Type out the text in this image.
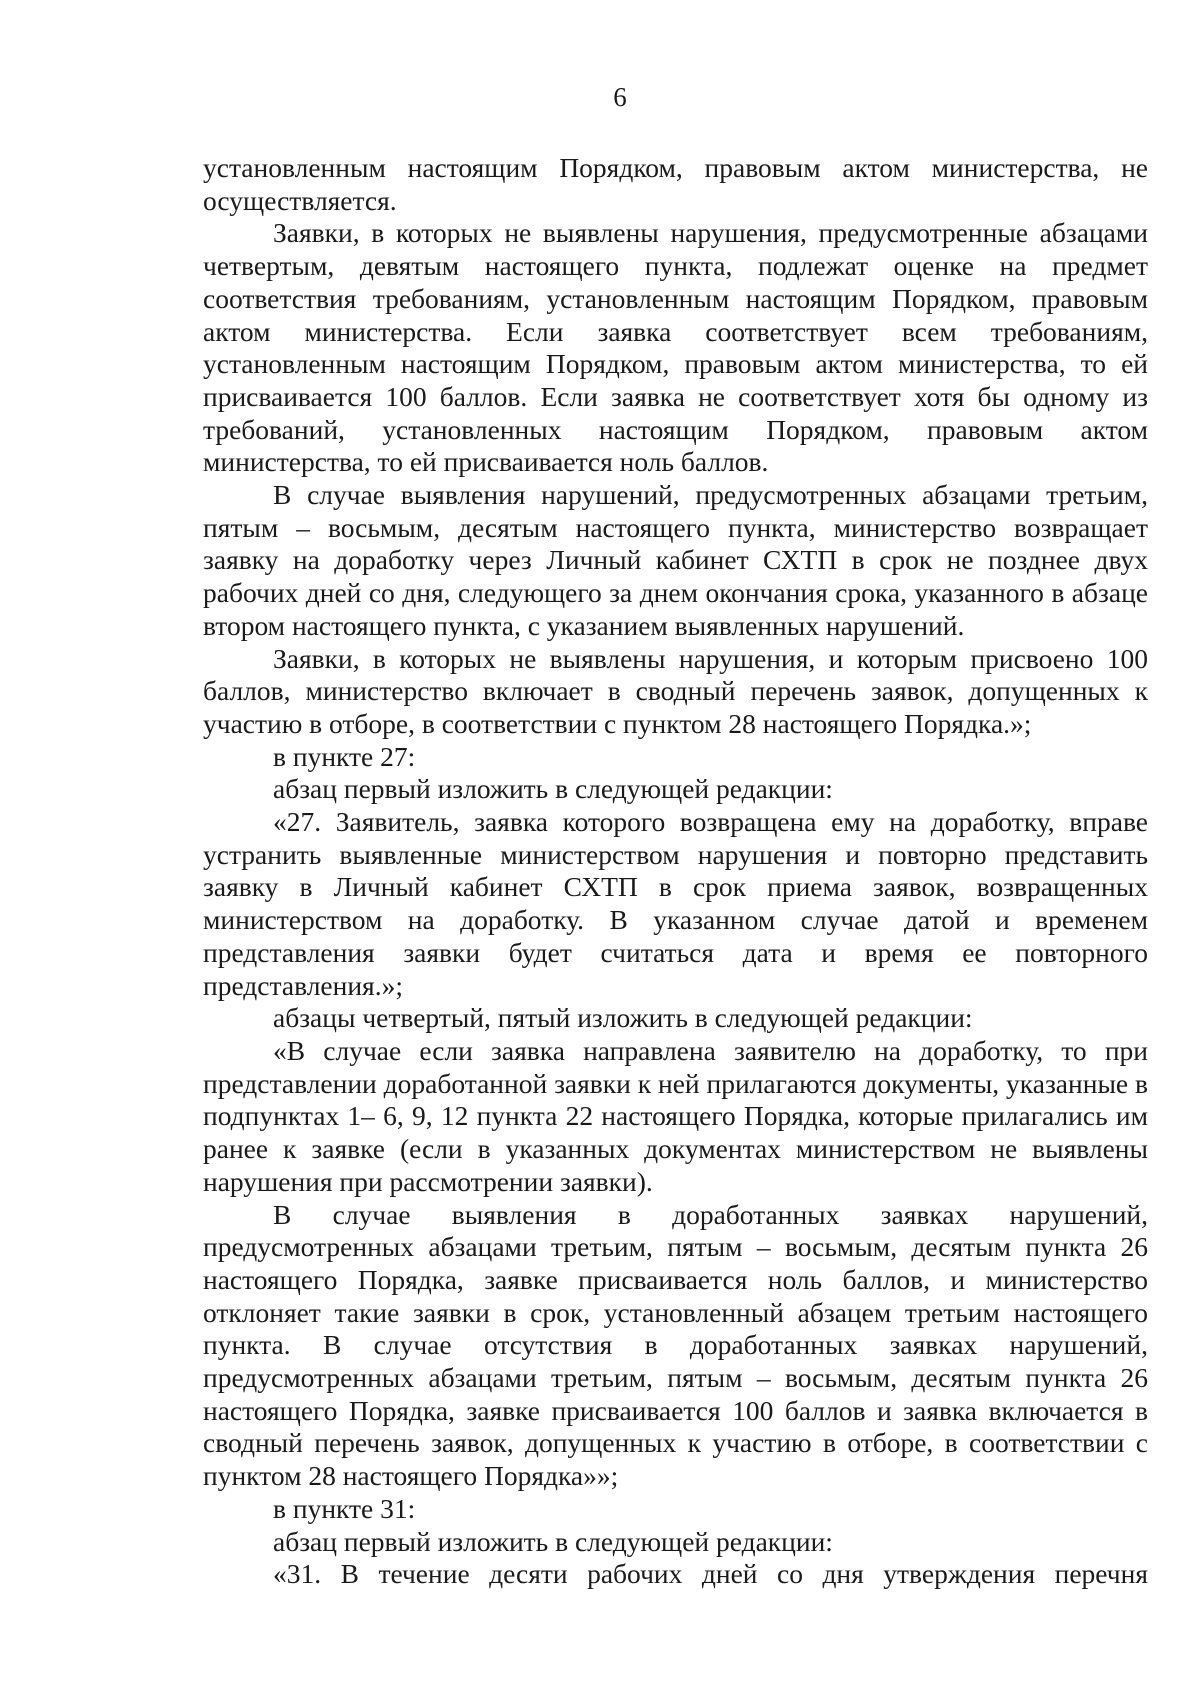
6

установленным настоящим Порядком, правовым актом министерства, не осуществляется.

Заявки, в которых не выявлены нарушения, предусмотренные абзацами четвертым, девятым настоящего пункта, подлежат оценке на предмет соответствия требованиям, установленным настоящим Порядком, правовым актом министерства. Если заявка соответствует всем требованиям, установленным настоящим Порядком, правовым актом министерства, то ей присваивается 100 баллов. Если заявка не соответствует хотя бы одному из требований, установленных настоящим Порядком, правовым актом министерства, то ей присваивается ноль баллов.

В случае выявления нарушений, предусмотренных абзацами третьим, пятым – восьмым, десятым настоящего пункта, министерство возвращает заявку на доработку через Личный кабинет СХТП в срок не позднее двух рабочих дней со дня, следующего за днем окончания срока, указанного в абзаце втором настоящего пункта, с указанием выявленных нарушений.

Заявки, в которых не выявлены нарушения, и которым присвоено 100 баллов, министерство включает в сводный перечень заявок, допущенных к участию в отборе, в соответствии с пунктом 28 настоящего Порядка.»;

в пункте 27:

абзац первый изложить в следующей редакции:

«27. Заявитель, заявка которого возвращена ему на доработку, вправе устранить выявленные министерством нарушения и повторно представить заявку в Личный кабинет СХТП в срок приема заявок, возвращенных министерством на доработку. В указанном случае датой и временем представления заявки будет считаться дата и время ее повторного представления.»;

абзацы четвертый, пятый изложить в следующей редакции:

«В случае если заявка направлена заявителю на доработку, то при представлении доработанной заявки к ней прилагаются документы, указанные в подпунктах 1– 6, 9, 12 пункта 22 настоящего Порядка, которые прилагались им ранее к заявке (если в указанных документах министерством не выявлены нарушения при рассмотрении заявки).

В случае выявления в доработанных заявках нарушений, предусмотренных абзацами третьим, пятым – восьмым, десятым пункта 26 настоящего Порядка, заявке присваивается ноль баллов, и министерство отклоняет такие заявки в срок, установленный абзацем третьим настоящего пункта. В случае отсутствия в доработанных заявках нарушений, предусмотренных абзацами третьим, пятым – восьмым, десятым пункта 26 настоящего Порядка, заявке присваивается 100 баллов и заявка включается в сводный перечень заявок, допущенных к участию в отборе, в соответствии с пунктом 28 настоящего Порядка»»;

в пункте 31:

абзац первый изложить в следующей редакции:

«31. В течение десяти рабочих дней со дня утверждения перечня
